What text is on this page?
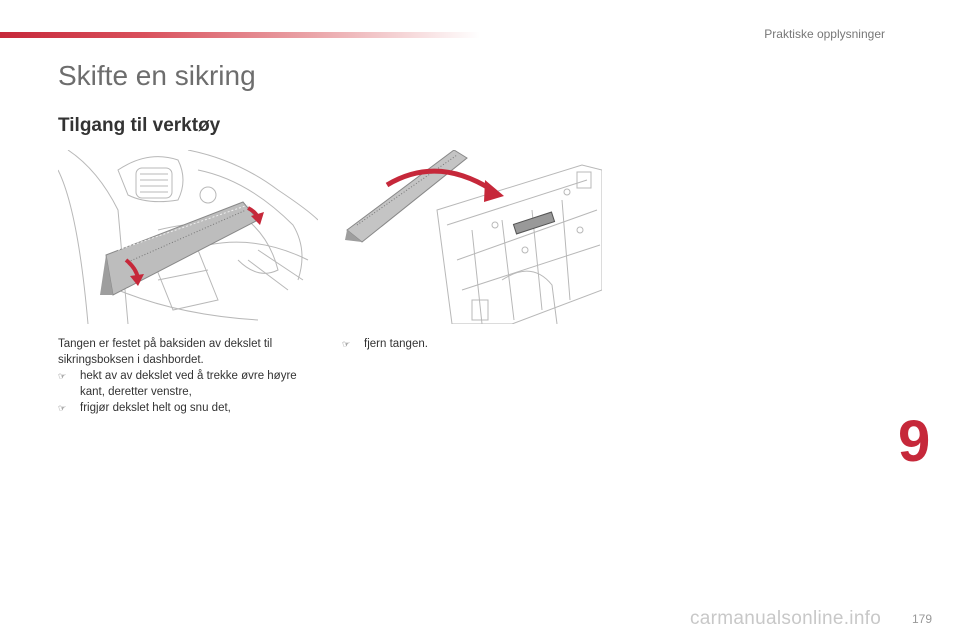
Praktiske opplysninger
Skifte en sikring
Tilgang til verktøy

Tangen er festet på baksiden av dekslet til sikringsboksen i dashbordet.

☞	hekt av av dekslet ved å trekke øvre høyre kant, deretter venstre,
☞	frigjør dekslet helt og snu det,
☞	fjern tangen.
9
carmanualsonline.info	179
